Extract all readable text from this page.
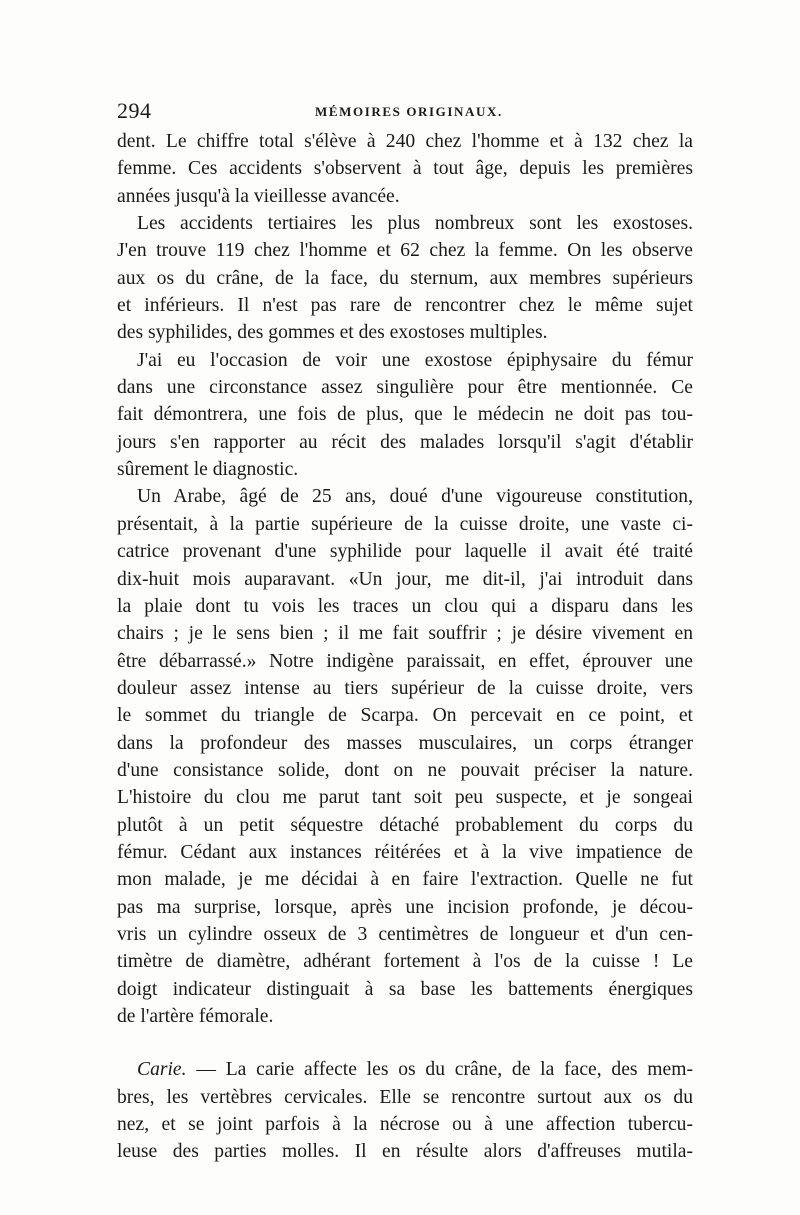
294	MÉMOIRES ORIGINAUX.
dent. Le chiffre total s'élève à 240 chez l'homme et à 132 chez la
femme. Ces accidents s'observent à tout âge, depuis les premières
années jusqu'à la vieillesse avancée.
Les accidents tertiaires les plus nombreux sont les exostoses.
J'en trouve 119 chez l'homme et 62 chez la femme. On les observe
aux os du crâne, de la face, du sternum, aux membres supérieurs
et inférieurs. Il n'est pas rare de rencontrer chez le même sujet
des syphilides, des gommes et des exostoses multiples.
J'ai eu l'occasion de voir une exostose épiphysaire du fémur
dans une circonstance assez singulière pour être mentionnée. Ce
fait démontrera, une fois de plus, que le médecin ne doit pas tou-
jours s'en rapporter au récit des malades lorsqu'il s'agit d'établir
sûrement le diagnostic.
Un Arabe, âgé de 25 ans, doué d'une vigoureuse constitution,
présentait, à la partie supérieure de la cuisse droite, une vaste ci-
catrice provenant d'une syphilide pour laquelle il avait été traité
dix-huit mois auparavant. «Un jour, me dit-il, j'ai introduit dans
la plaie dont tu vois les traces un clou qui a disparu dans les
chairs ; je le sens bien ; il me fait souffrir ; je désire vivement en
être débarrassé.» Notre indigène paraissait, en effet, éprouver une
douleur assez intense au tiers supérieur de la cuisse droite, vers
le sommet du triangle de Scarpa. On percevait en ce point, et
dans la profondeur des masses musculaires, un corps étranger
d'une consistance solide, dont on ne pouvait préciser la nature.
L'histoire du clou me parut tant soit peu suspecte, et je songeai
plutôt à un petit séquestre détaché probablement du corps du
fémur. Cédant aux instances réitérées et à la vive impatience de
mon malade, je me décidai à en faire l'extraction. Quelle ne fut
pas ma surprise, lorsque, après une incision profonde, je décou-
vris un cylindre osseux de 3 centimètres de longueur et d'un cen-
timètre de diamètre, adhérant fortement à l'os de la cuisse ! Le
doigt indicateur distinguait à sa base les battements énergiques
de l'artère fémorale.
Carie. — La carie affecte les os du crâne, de la face, des mem-
bres, les vertèbres cervicales. Elle se rencontre surtout aux os du
nez, et se joint parfois à la nécrose ou à une affection tubercu-
leuse des parties molles. Il en résulte alors d'affreuses mutila-
